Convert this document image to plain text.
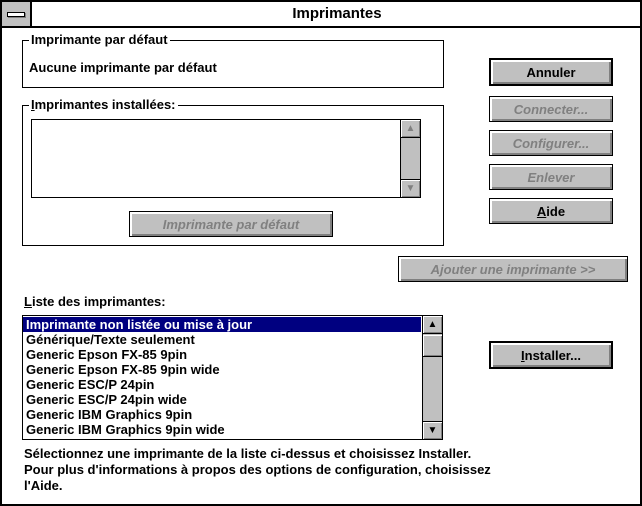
Imprimantes
Imprimante par défaut
Aucune imprimante par défaut
Imprimantes installées:
▲
▼
Imprimante par défaut
Annuler
Connecter...
Configurer...
Enlever
A ide
Ajouter une imprimante >>
Liste des imprimantes:
Imprimante non listée ou mise à jour
Générique/Texte seulement
Generic Epson FX-85 9pin
Generic Epson FX-85 9pin wide
Generic ESC/P 24pin
Generic ESC/P 24pin wide
Generic IBM Graphics 9pin
Generic IBM Graphics 9pin wide
▲
▼
I nstaller...
Sélectionnez une imprimante de la liste ci-dessus et choisissez Installer.
Pour plus d'informations à propos des options de configuration, choisissez
l'Aide.
